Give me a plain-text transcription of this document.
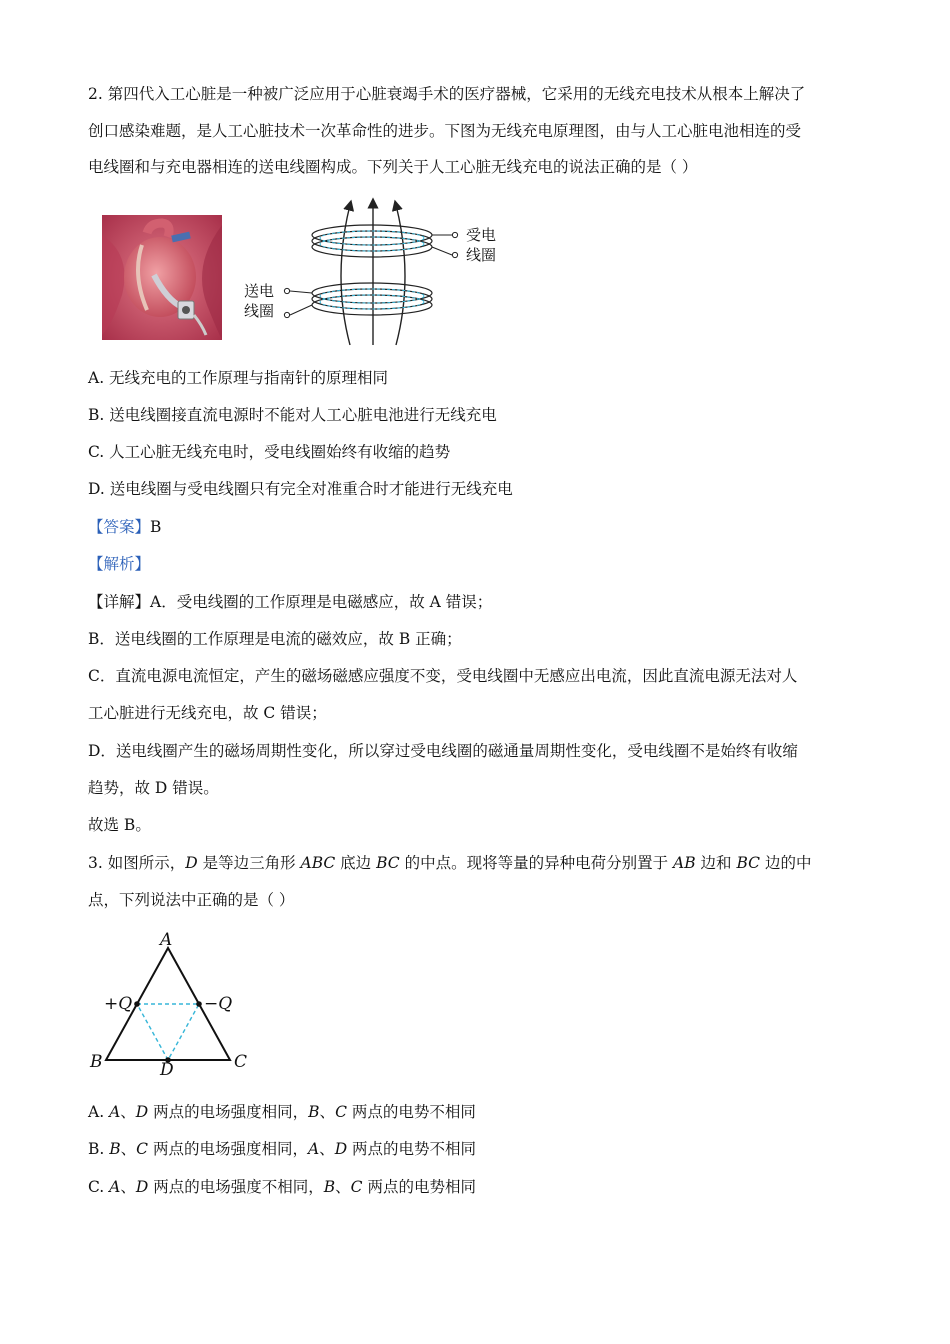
2. 第四代入工心脏是一种被广泛应用于心脏衰竭手术的医疗器械，它采用的无线充电技术从根本上解决了
创口感染难题，是人工心脏技术一次革命性的进步。下图为无线充电原理图，由与人工心脏电池相连的受
电线圈和与充电器相连的送电线圈构成。下列关于人工心脏无线充电的说法正确的是（ ）
受电
线圈
送电
线圈
A. 无线充电的工作原理与指南针的原理相同
B. 送电线圈接直流电源时不能对人工心脏电池进行无线充电
C. 人工心脏无线充电时，受电线圈始终有收缩的趋势
D. 送电线圈与受电线圈只有完全对准重合时才能进行无线充电
【答案】B
【解析】
【详解】A．受电线圈的工作原理是电磁感应，故 A 错误；
B．送电线圈的工作原理是电流的磁效应，故 B 正确；
C．直流电源电流恒定，产生的磁场磁感应强度不变，受电线圈中无感应出电流，因此直流电源无法对人
工心脏进行无线充电，故 C 错误；
D．送电线圈产生的磁场周期性变化，所以穿过受电线圈的磁通量周期性变化，受电线圈不是始终有收缩
趋势，故 D 错误。
故选 B。
3. 如图所示，D 是等边三角形 ABC 底边 BC 的中点。现将等量的异种电荷分别置于 AB 边和 BC 边的中
点，下列说法中正确的是（ ）
A
+Q	−Q
B	C
D
A. A、D 两点的电场强度相同，B、C 两点的电势不相同
B. B、C 两点的电场强度相同，A、D 两点的电势不相同
C. A、D 两点的电场强度不相同，B、C 两点的电势相同
